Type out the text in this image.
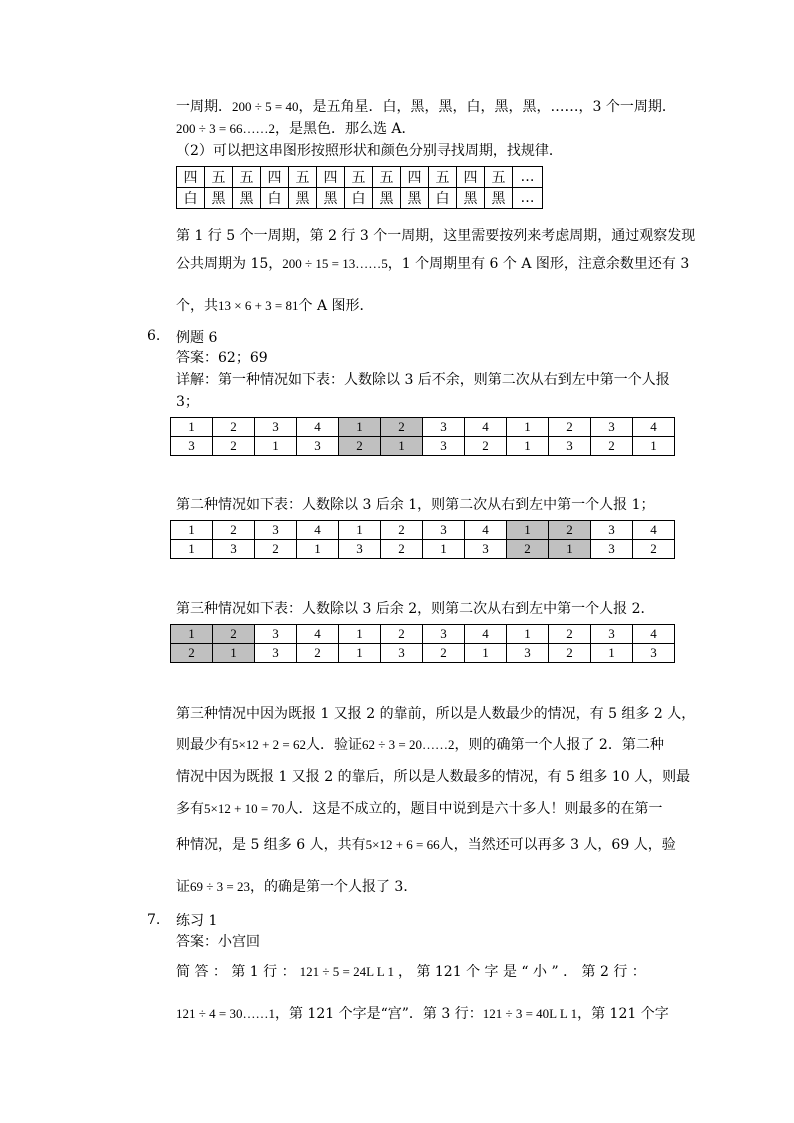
一周期．200 ÷ 5 = 40，是五角星．白，黑，黑，白，黑，黑，……，3 个一周期．
200 ÷ 3 = 66……2，是黑色．那么选 A．
（2）可以把这串图形按照形状和颜色分别寻找周期，找规律．
四	五	五	四	五	四	五	五	四	五	四	五	…
白	黑	黑	白	黑	黑	白	黑	黑	白	黑	黑	…
第 1 行 5 个一周期，第 2 行 3 个一周期，这里需要按列来考虑周期，通过观察发现
公共周期为 15，200 ÷ 15 = 13……5，1 个周期里有 6 个 A 图形，注意余数里还有 3
个，共13 × 6 + 3 = 81个 A 图形．
6. 例题 6
答案：62；69
详解：第一种情况如下表：人数除以 3 后不余，则第二次从右到左中第一个人报
3；
1	2	3	4	1	2	3	4	1	2	3	4
3	2	1	3	2	1	3	2	1	3	2	1
第二种情况如下表：人数除以 3 后余 1，则第二次从右到左中第一个人报 1；
1	2	3	4	1	2	3	4	1	2	3	4
1	3	2	1	3	2	1	3	2	1	3	2
第三种情况如下表：人数除以 3 后余 2，则第二次从右到左中第一个人报 2．
1	2	3	4	1	2	3	4	1	2	3	4
2	1	3	2	1	3	2	1	3	2	1	3
第三种情况中因为既报 1 又报 2 的靠前，所以是人数最少的情况，有 5 组多 2 人，
则最少有5×12 + 2 = 62人．验证62 ÷ 3 = 20……2，则的确第一个人报了 2．第二种
情况中因为既报 1 又报 2 的靠后，所以是人数最多的情况，有 5 组多 10 人，则最
多有5×12 + 10 = 70人．这是不成立的，题目中说到是六十多人！则最多的在第一
种情况，是 5 组多 6 人，共有5×12 + 6 = 66人，当然还可以再多 3 人，69 人，验
证69 ÷ 3 = 23，的确是第一个人报了 3．
7. 练习 1
答案：小宫回
简 答 ： 第 1 行 ： 121 ÷ 5 = 24L L 1 ， 第 121 个 字 是 “ 小 ” ． 第 2 行 ：
121 ÷ 4 = 30……1，第 121 个字是“宫”．第 3 行：121 ÷ 3 = 40L L 1，第 121 个字
